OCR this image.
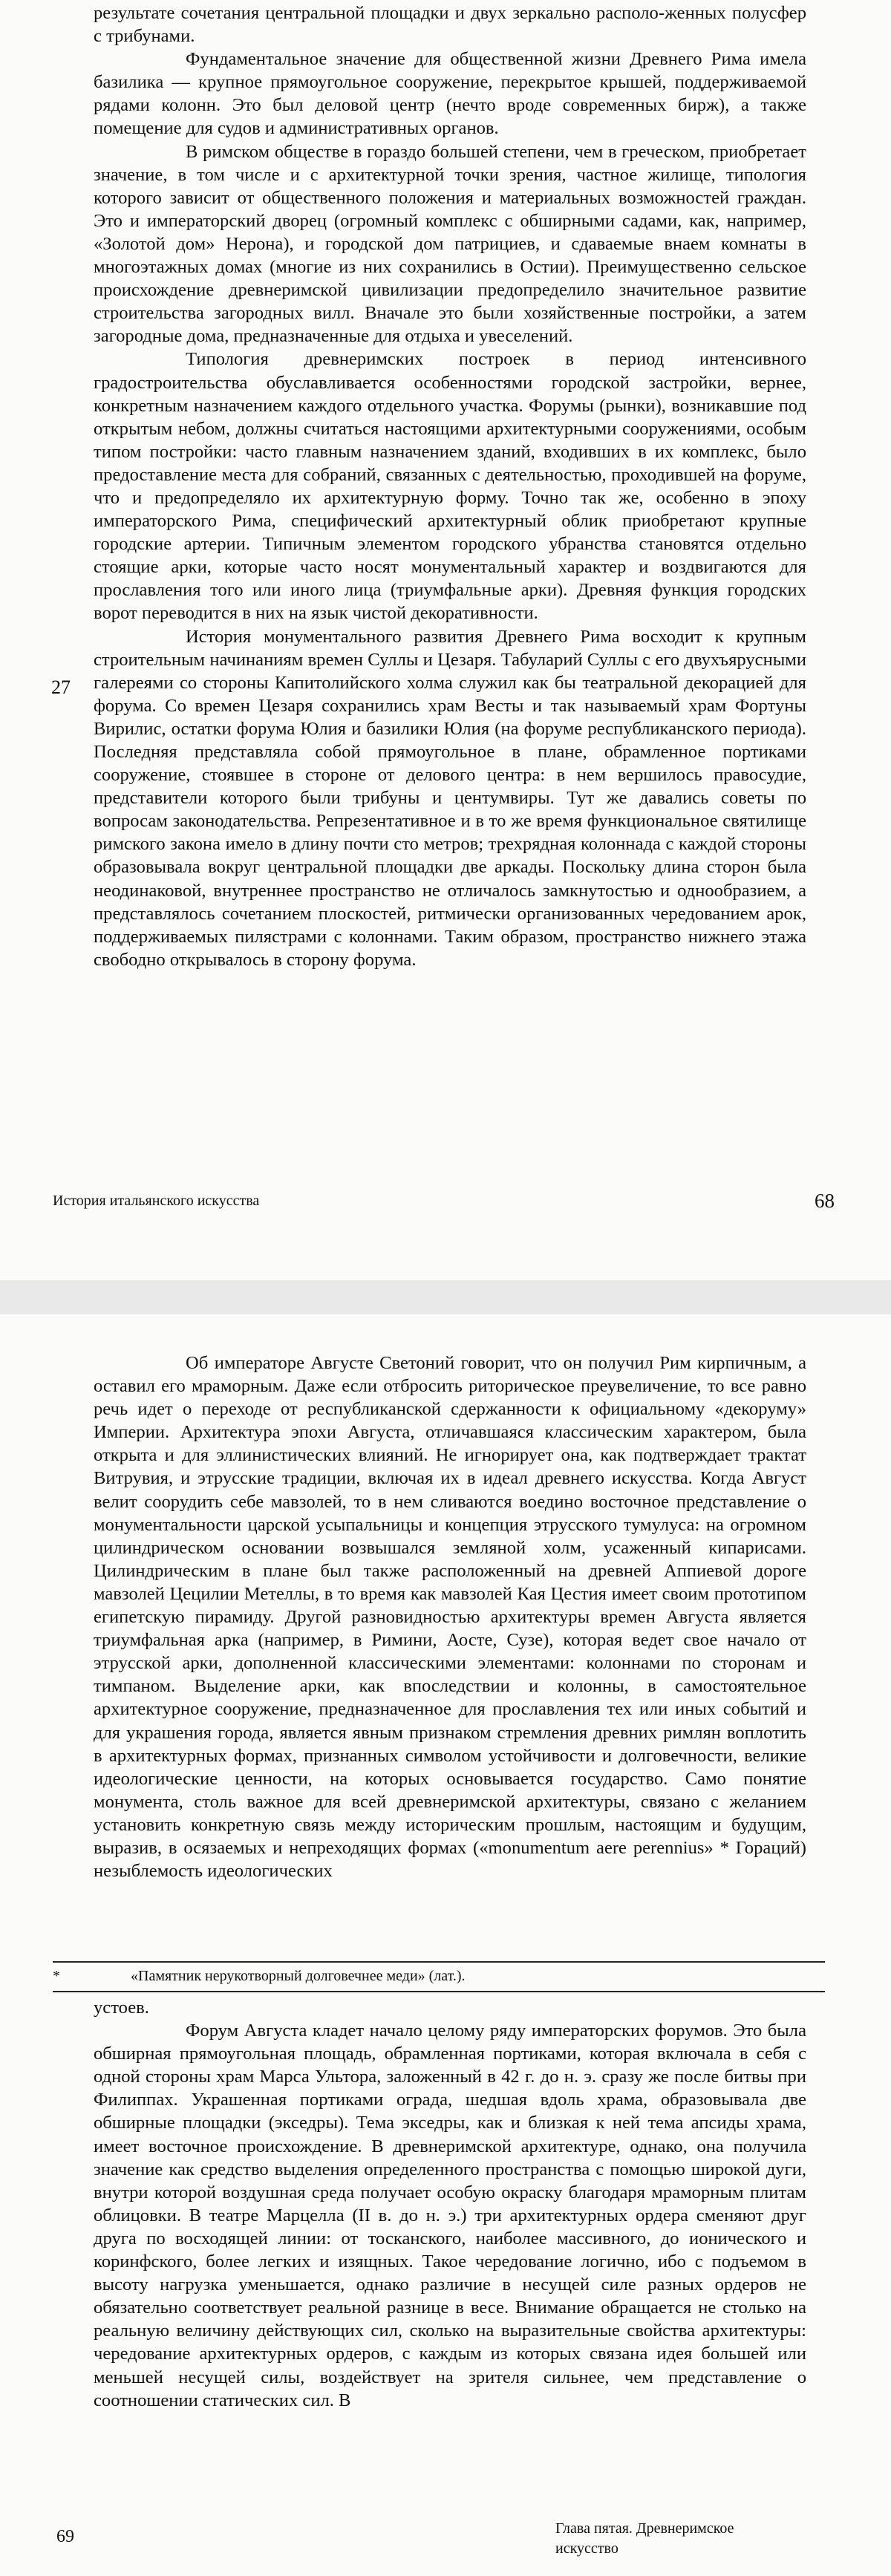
результате сочетания центральной площадки и двух зеркально располо-женных полусфер с трибунами.

Фундаментальное значение для общественной жизни Древнего Рима имела базилика — крупное прямоугольное сооружение, перекрытое крышей, поддерживаемой рядами колонн. Это был деловой центр (нечто вроде современных бирж), а также помещение для судов и административных органов.

В римском обществе в гораздо большей степени, чем в греческом, приобретает значение, в том числе и с архитектурной точки зрения, частное жилище, типология которого зависит от общественного положения и материальных возможностей граждан. Это и императорский дворец (огромный комплекс с обширными садами, как, например, «Золотой дом» Нерона), и городской дом патрициев, и сдаваемые внаем комнаты в многоэтажных домах (многие из них сохранились в Остии). Преимущественно сельское происхождение древнеримской цивилизации предопределило значительное развитие строительства загородных вилл. Вначале это были хозяйственные постройки, а затем загородные дома, предназначенные для отдыха и увеселений.

Типология древнеримских построек в период интенсивного градостроительства обуславливается особенностями городской застройки, вернее, конкретным назначением каждого отдельного участка. Форумы (рынки), возникавшие под открытым небом, должны считаться настоящими архитектурными сооружениями, особым типом постройки: часто главным назначением зданий, входивших в их комплекс, было предоставление места для собраний, связанных с деятельностью, проходившей на форуме, что и предопределяло их архитектурную форму. Точно так же, особенно в эпоху императорского Рима, специфический архитектурный облик приобретают крупные городские артерии. Типичным элементом городского убранства становятся отдельно стоящие арки, которые часто носят монументальный характер и воздвигаются для прославления того или иного лица (триумфальные арки). Древняя функция городских ворот переводится в них на язык чистой декоративности.

История монументального развития Древнего Рима восходит к крупным строительным начинаниям времен Суллы и Цезаря. Табуларий Суллы с его двухъярусными галереями со стороны Капитолийского холма служил как бы театральной декорацией для форума. Со времен Цезаря сохранились храм Весты и так называемый храм Фортуны Вирилис, остатки форума Юлия и базилики Юлия (на форуме республиканского периода). Последняя представляла собой прямоугольное в плане, обрамленное портиками сооружение, стоявшее в стороне от делового центра: в нем вершилось правосудие, представители которого были трибуны и центумвиры. Тут же давались советы по вопросам законодательства. Репрезентативное и в то же время функциональное святилище римского закона имело в длину почти сто метров; трехрядная колоннада с каждой стороны образовывала вокруг центральной площадки две аркады. Поскольку длина сторон была неодинаковой, внутреннее пространство не отличалось замкнутостью и однообразием, а представлялось сочетанием плоскостей, ритмически организованных чередованием арок, поддерживаемых пилястрами с колоннами. Таким образом, пространство нижнего этажа свободно открывалось в сторону форума.

27
История итальянского искусства	68

Об императоре Августе Светоний говорит, что он получил Рим кирпичным, а оставил его мраморным. Даже если отбросить риторическое преувеличение, то все равно речь идет о переходе от республиканской сдержанности к официальному «декоруму» Империи. Архитектура эпохи Августа, отличавшаяся классическим характером, была открыта и для эллинистических влияний. Не игнорирует она, как подтверждает трактат Витрувия, и этрусские традиции, включая их в идеал древнего искусства. Когда Август велит соорудить себе мавзолей, то в нем сливаются воедино восточное представление о монументальности царской усыпальницы и концепция этрусского тумулуса: на огромном цилиндрическом основании возвышался земляной холм, усаженный кипарисами. Цилиндрическим в плане был также расположенный на древней Аппиевой дороге мавзолей Цецилии Метеллы, в то время как мавзолей Кая Цестия имеет своим прототипом египетскую пирамиду. Другой разновидностью архитектуры времен Августа является триумфальная арка (например, в Римини, Аосте, Сузе), которая ведет свое начало от этрусской арки, дополненной классическими элементами: колоннами по сторонам и тимпаном. Выделение арки, как впоследствии и колонны, в самостоятельное архитектурное сооружение, предназначенное для прославления тех или иных событий и для украшения города, является явным признаком стремления древних римлян воплотить в архитектурных формах, признанных символом устойчивости и долговечности, великие идеологические ценности, на которых основывается государство. Само понятие монумента, столь важное для всей древнеримской архитектуры, связано с желанием установить конкретную связь между историческим прошлым, настоящим и будущим, выразив, в осязаемых и непреходящих формах («monumentum aere perennius» * Гораций) незыблемость идеологических

*	«Памятник нерукотворный долговечнее меди» (лат.).

устоев.

Форум Августа кладет начало целому ряду императорских форумов. Это была обширная прямоугольная площадь, обрамленная портиками, которая включала в себя с одной стороны храм Марса Ультора, заложенный в 42 г. до н. э. сразу же после битвы при Филиппах. Украшенная портиками ограда, шедшая вдоль храма, образовывала две обширные площадки (экседры). Тема экседры, как и близкая к ней тема апсиды храма, имеет восточное происхождение. В древнеримской архитектуре, однако, она получила значение как средство выделения определенного пространства с помощью широкой дуги, внутри которой воздушная среда получает особую окраску благодаря мраморным плитам облицовки. В театре Марцелла (II в. до н. э.) три архитектурных ордера сменяют друг друга по восходящей линии: от тосканского, наиболее массивного, до ионического и коринфского, более легких и изящных. Такое чередование логично, ибо с подъемом в высоту нагрузка уменьшается, однако различие в несущей силе разных ордеров не обязательно соответствует реальной разнице в весе. Внимание обращается не столько на реальную величину действующих сил, сколько на выразительные свойства архитектуры: чередование архитектурных ордеров, с каждым из которых связана идея большей или меньшей несущей силы, воздействует на зрителя сильнее, чем представление о соотношении статических сил. В

69	Глава пятая. Древнеримское искусство
